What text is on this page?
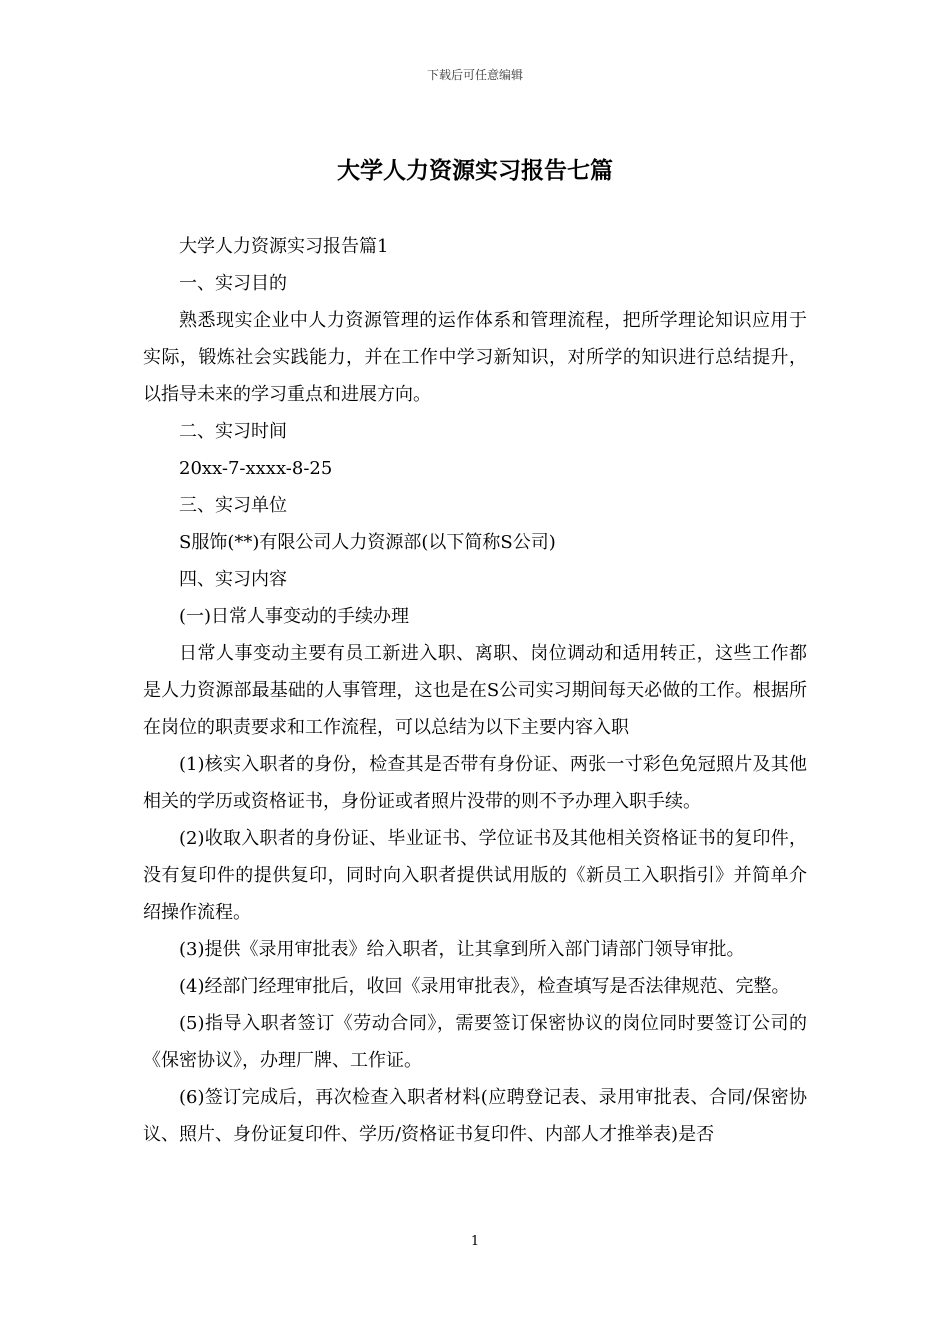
下载后可任意编辑
大学人力资源实习报告七篇

大学人力资源实习报告篇1

一、实习目的

熟悉现实企业中人力资源管理的运作体系和管理流程，把所学理论知识应用于实际，锻炼社会实践能力，并在工作中学习新知识，对所学的知识进行总结提升，以指导未来的学习重点和进展方向。

二、实习时间

20xx-7-xxxx-8-25

三、实习单位

S服饰(**)有限公司人力资源部(以下简称S公司)

四、实习内容

(一)日常人事变动的手续办理

日常人事变动主要有员工新进入职、离职、岗位调动和适用转正，这些工作都是人力资源部最基础的人事管理，这也是在S公司实习期间每天必做的工作。根据所在岗位的职责要求和工作流程，可以总结为以下主要内容入职

(1)核实入职者的身份，检查其是否带有身份证、两张一寸彩色免冠照片及其他相关的学历或资格证书，身份证或者照片没带的则不予办理入职手续。

(2)收取入职者的身份证、毕业证书、学位证书及其他相关资格证书的复印件，没有复印件的提供复印，同时向入职者提供试用版的《新员工入职指引》并简单介绍操作流程。

(3)提供《录用审批表》给入职者，让其拿到所入部门请部门领导审批。

(4)经部门经理审批后，收回《录用审批表》，检查填写是否法律规范、完整。

(5)指导入职者签订《劳动合同》，需要签订保密协议的岗位同时要签订公司的《保密协议》，办理厂牌、工作证。

(6)签订完成后，再次检查入职者材料(应聘登记表、录用审批表、合同/保密协议、照片、身份证复印件、学历/资格证书复印件、内部人才推举表)是否

1
